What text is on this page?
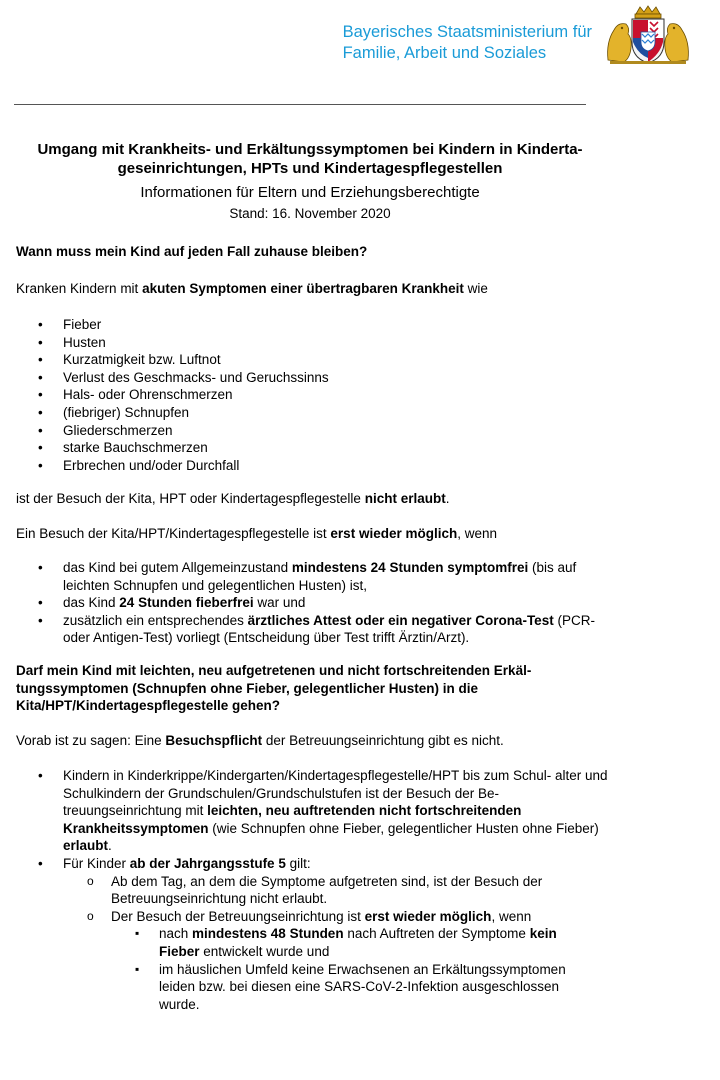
Bayerisches Staatsministerium für
Familie, Arbeit und Soziales
Umgang mit Krankheits- und Erkältungssymptomen bei Kindern in Kinderta-
geseinrichtungen, HPTs und Kindertagespflegestellen
Informationen für Eltern und Erziehungsberechtigte
Stand: 16. November 2020
Wann muss mein Kind auf jeden Fall zuhause bleiben?
Kranken Kindern mit akuten Symptomen einer übertragbaren Krankheit wie
• Fieber
• Husten
• Kurzatmigkeit bzw. Luftnot
• Verlust des Geschmacks- und Geruchssinns
• Hals- oder Ohrenschmerzen
• (fiebriger) Schnupfen
• Gliederschmerzen
• starke Bauchschmerzen
• Erbrechen und/oder Durchfall
ist der Besuch der Kita, HPT oder Kindertagespflegestelle nicht erlaubt.
Ein Besuch der Kita/HPT/Kindertagespflegestelle ist erst wieder möglich, wenn
• das Kind bei gutem Allgemeinzustand mindestens 24 Stunden symptomfrei (bis auf leichten Schnupfen und gelegentlichen Husten) ist,
• das Kind 24 Stunden fieberfrei war und
• zusätzlich ein entsprechendes ärztliches Attest oder ein negativer Corona-Test (PCR- oder Antigen-Test) vorliegt (Entscheidung über Test trifft Ärztin/Arzt).
Darf mein Kind mit leichten, neu aufgetretenen und nicht fortschreitenden Erkäl-
tungssymptomen (Schnupfen ohne Fieber, gelegentlicher Husten) in die
Kita/HPT/Kindertagespflegestelle gehen?
Vorab ist zu sagen: Eine Besuchspflicht der Betreuungseinrichtung gibt es nicht.
• Kindern in Kinderkrippe/Kindergarten/Kindertagespflegestelle/HPT bis zum Schul- alter und Schulkindern der Grundschulen/Grundschulstufen ist der Besuch der Be- treuungseinrichtung mit leichten, neu auftretenden nicht fortschreitenden Krankheitssymptomen (wie Schnupfen ohne Fieber, gelegentlicher Husten ohne Fieber) erlaubt.
• Für Kinder ab der Jahrgangsstufe 5 gilt:
o Ab dem Tag, an dem die Symptome aufgetreten sind, ist der Besuch der Betreuungseinrichtung nicht erlaubt.
o Der Besuch der Betreuungseinrichtung ist erst wieder möglich, wenn
▪ nach mindestens 48 Stunden nach Auftreten der Symptome kein Fieber entwickelt wurde und
▪ im häuslichen Umfeld keine Erwachsenen an Erkältungssymptomen leiden bzw. bei diesen eine SARS-CoV-2-Infektion ausgeschlossen wurde.
